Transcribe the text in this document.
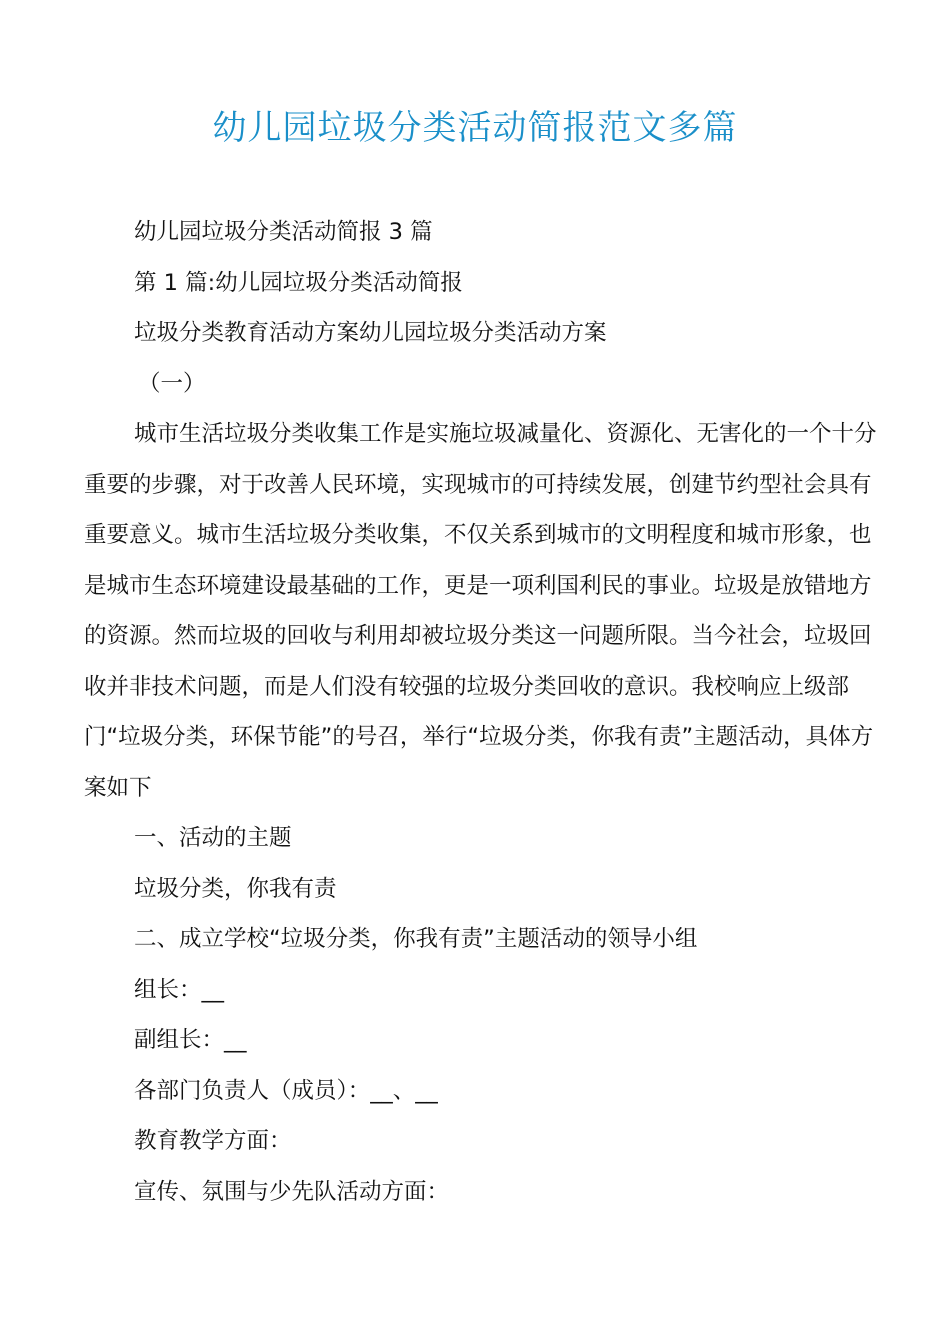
幼儿园垃圾分类活动简报范文多篇

幼儿园垃圾分类活动简报 3 篇

第 1 篇:幼儿园垃圾分类活动简报

垃圾分类教育活动方案幼儿园垃圾分类活动方案

（一）

城市生活垃圾分类收集工作是实施垃圾减量化、资源化、无害化的一个十分重要的步骤，对于改善人民环境，实现城市的可持续发展，创建节约型社会具有重要意义。城市生活垃圾分类收集，不仅关系到城市的文明程度和城市形象，也是城市生态环境建设最基础的工作，更是一项利国利民的事业。垃圾是放错地方的资源。然而垃圾的回收与利用却被垃圾分类这一问题所限。当今社会，垃圾回收并非技术问题，而是人们没有较强的垃圾分类回收的意识。我校响应上级部门“垃圾分类，环保节能”的号召，举行“垃圾分类，你我有责”主题活动，具体方案如下

一、活动的主题

垃圾分类，你我有责

二、成立学校“垃圾分类，你我有责”主题活动的领导小组

组长：__

副组长：__

各部门负责人（成员）：__、__

教育教学方面：

宣传、氛围与少先队活动方面：
